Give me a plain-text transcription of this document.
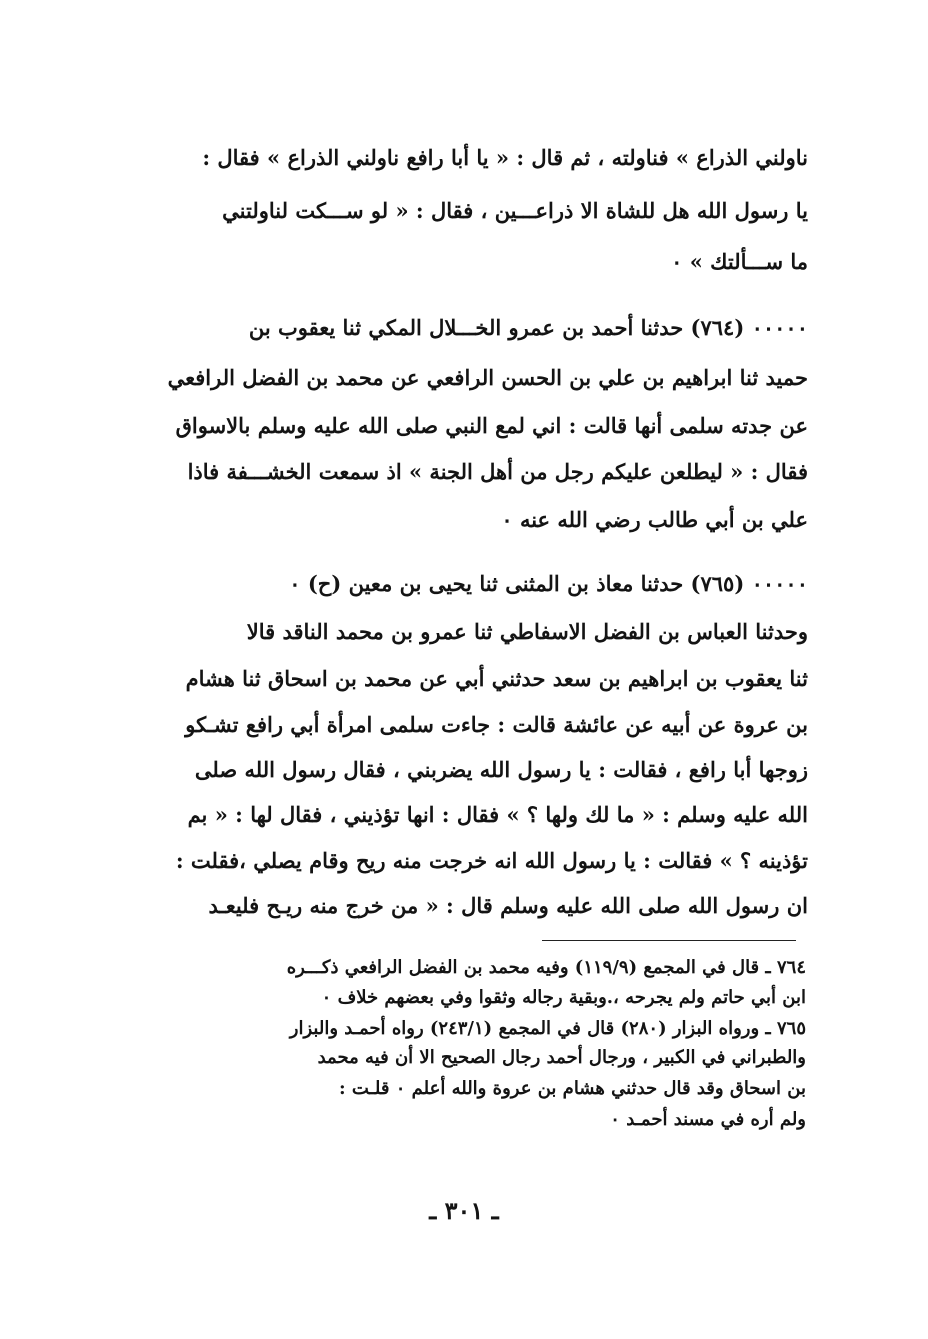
ناولني الذراع » فناولته ، ثم قال : « يا أبا رافع ناولني الذراع » فقال :
يا رسول الله هل للشاة الا ذراعـــين ، فقال : « لو ســـكت لناولتني
ما ســـألتك » ٠
٠٠٠٠٠ (٧٦٤) حدثنا أحمد بن عمرو الخـــلال المكي ثنا يعقوب بن
حميد ثنا ابراهيم بن علي بن الحسن الرافعي عن محمد بن الفضل الرافعي
عن جدته سلمى أنها قالت : اني لمع النبي صلى الله عليه وسلم بالاسواق
فقال : « ليطلعن عليكم رجل من أهل الجنة » اذ سمعت الخشـــفة فاذا
علي بن أبي طالب رضي الله عنه ٠
٠٠٠٠٠ (٧٦٥) حدثنا معاذ بن المثنى ثنا يحيى بن معين (ح) ٠
وحدثنا العباس بن الفضل الاسفاطي ثنا عمرو بن محمد الناقد قالا
ثنا يعقوب بن ابراهيم بن سعد حدثني أبي عن محمد بن اسحاق ثنا هشام
بن عروة عن أبيه عن عائشة قالت : جاءت سلمى امرأة أبي رافع تشـكو
زوجها أبا رافع ، فقالت : يا رسول الله يضربني ، فقال رسول الله صلى
الله عليه وسلم : « ما لك ولها ؟ » فقال : انها تؤذيني ، فقال لها : « بم
تؤذينه ؟ » فقالت : يا رسول الله انه خرجت منه ريح وقام يصلي ،فقلت :
ان رسول الله صلى الله عليه وسلم قال : « من خرج منه ريـح فليعـد
٧٦٤ ـ قال في المجمع (١١٩/٩) وفيه محمد بن الفضل الرافعي ذكـــره
ابن أبي حاتم ولم يجرحه ،.وبقية رجاله وثقوا وفي بعضهم خلاف ٠
٧٦٥ ـ ورواه البزار (٢٨٠) قال في المجمع (٢٤٣/١) رواه أحمـد والبزار
والطبراني في الكبير ، ورجال أحمد رجال الصحيح الا أن فيه محمد
بن اسحاق وقد قال حدثني هشام بن عروة والله أعلم ٠ قلـت :
ولم أره في مسند أحمـد ٠
ـ ٣٠١ ـ
